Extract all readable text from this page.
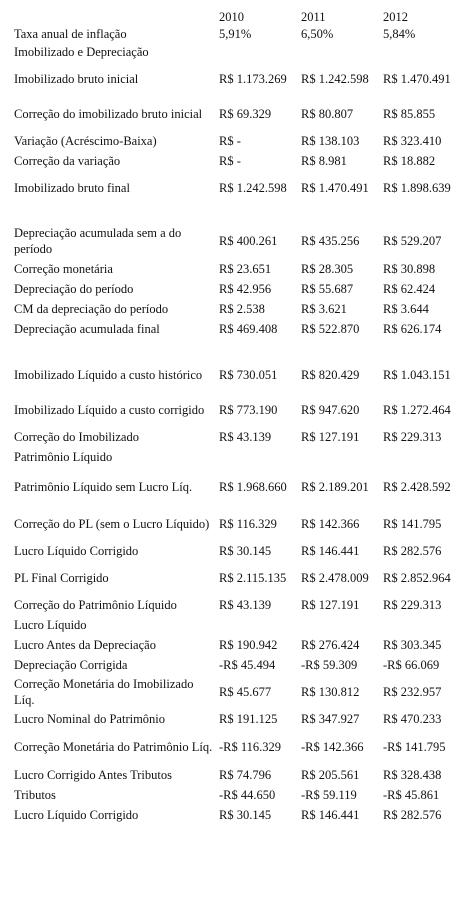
	2010	2011	2012
Taxa anual de inflação	5,91%	6,50%	5,84%
Imobilizado e Depreciação			
Imobilizado bruto inicial	R$ 1.173.269	R$ 1.242.598	R$ 1.470.491
Correção do imobilizado bruto inicial	R$ 69.329	R$ 80.807	R$ 85.855
Variação (Acréscimo-Baixa)	R$ -	R$ 138.103	R$ 323.410
Correção da variação	R$ -	R$ 8.981	R$ 18.882
Imobilizado bruto final	R$ 1.242.598	R$ 1.470.491	R$ 1.898.639

Depreciação acumulada sem a do período	R$ 400.261	R$ 435.256	R$ 529.207
Correção monetária	R$ 23.651	R$ 28.305	R$ 30.898
Depreciação do período	R$ 42.956	R$ 55.687	R$ 62.424
CM da depreciação do período	R$ 2.538	R$ 3.621	R$ 3.644
Depreciação acumulada final	R$ 469.408	R$ 522.870	R$ 626.174

Imobilizado Líquido a custo histórico	R$ 730.051	R$ 820.429	R$ 1.043.151
Imobilizado Líquido a custo corrigido	R$ 773.190	R$ 947.620	R$ 1.272.464
Correção do Imobilizado	R$ 43.139	R$ 127.191	R$ 229.313
Patrimônio Líquido			
Patrimônio Líquido sem Lucro Líq.	R$ 1.968.660	R$ 2.189.201	R$ 2.428.592
Correção do PL (sem o Lucro Líquido)	R$ 116.329	R$ 142.366	R$ 141.795
Lucro Líquido Corrigido	R$ 30.145	R$ 146.441	R$ 282.576
PL Final Corrigido	R$ 2.115.135	R$ 2.478.009	R$ 2.852.964
Correção do Patrimônio Líquido	R$ 43.139	R$ 127.191	R$ 229.313
Lucro Líquido			
Lucro Antes da Depreciação	R$ 190.942	R$ 276.424	R$ 303.345
Depreciação Corrigida	-R$ 45.494	-R$ 59.309	-R$ 66.069
Correção Monetária do Imobilizado Líq.	R$ 45.677	R$ 130.812	R$ 232.957
Lucro Nominal do Patrimônio	R$ 191.125	R$ 347.927	R$ 470.233
Correção Monetária do Patrimônio Líq.	-R$ 116.329	-R$ 142.366	-R$ 141.795
Lucro Corrigido Antes Tributos	R$ 74.796	R$ 205.561	R$ 328.438
Tributos	-R$ 44.650	-R$ 59.119	-R$ 45.861
Lucro Líquido Corrigido	R$ 30.145	R$ 146.441	R$ 282.576
